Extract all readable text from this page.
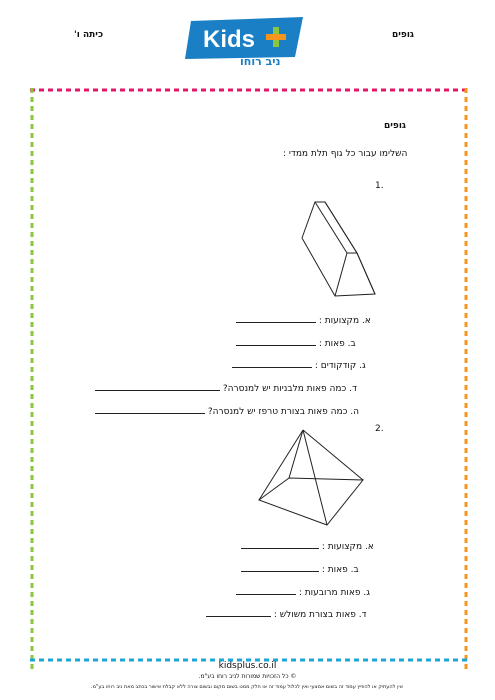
גופים
כיתה ו'	Kids
ניב רוחו
גופים
השלימו עבור כל גוף תלת ממדי :
1.
א. מקצועות :
ב. פאות :
ג. קודקודים :
ד. כמה פאות מלבניות יש למנסרה?
ה. כמה פאות בצורת טרפז יש למנסרה?
2.
א. מקצועות :
ב. פאות :
ג. פאות מרובעות :
ד. פאות בצורת משולש :
kidsplus.co.il
© כל הזכויות שמורות לניב רוחו בע"מ.
אין להעתיק או להפיץ עמוד זה בשום אמצעי ואין לכלול עמוד זה או חלק ממנו בשום מקום ובשום צורה ללא קבלת אישור בכתב מאת ניב רוחו בע"מ.
